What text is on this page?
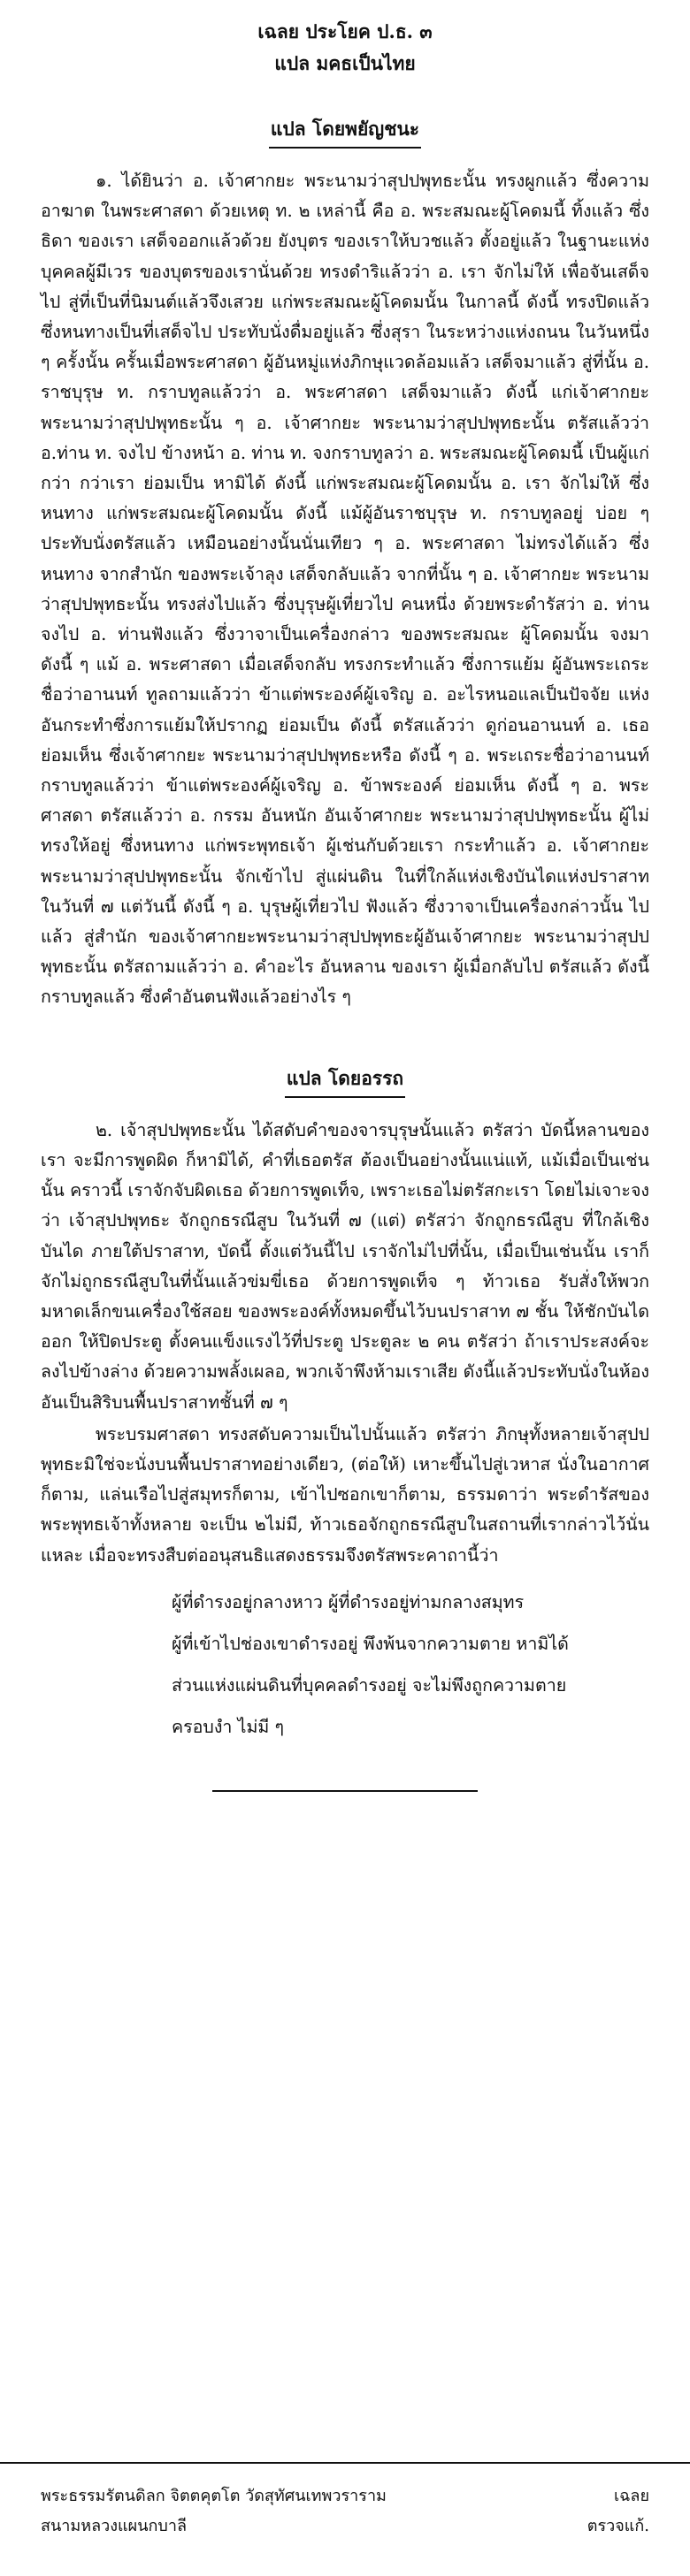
เฉลย ประโยค ป.ธ. ๓
แปล มคธเป็นไทย
แปล โดยพยัญชนะ

๑. ได้ยินว่า อ. เจ้าศากยะ พระนามว่าสุปปพุทธะนั้น ทรงผูกแล้ว ซึ่งความอาฆาต ในพระศาสดา ด้วยเหตุ ท. ๒ เหล่านี้ คือ อ. พระสมณะผู้โคดมนี้ ทิ้งแล้ว ซึ่งธิดา ของเรา เสด็จออกแล้วด้วย ยังบุตร ของเราให้บวชแล้ว ตั้งอยู่แล้ว ในฐานะแห่งบุคคลผู้มีเวร ของบุตรของเรานั่นด้วย ทรงดำริแล้วว่า อ. เรา จักไม่ให้ เพื่อจันเสด็จไป สู่ที่เป็นที่นิมนต์แล้วจึงเสวย แก่พระสมณะผู้โคดมนั้น ในกาลนี้ ดังนี้ ทรงปิดแล้ว ซึ่งหนทางเป็นที่เสด็จไป ประทับนั่งดื่มอยู่แล้ว ซึ่งสุรา ในระหว่างแห่งถนน ในวันหนึ่ง ๆ ครั้งนั้น ครั้นเมื่อพระศาสดา ผู้อันหมู่แห่งภิกษุแวดล้อมแล้ว เสด็จมาแล้ว สู่ที่นั้น อ. ราชบุรุษ ท. กราบทูลแล้วว่า อ. พระศาสดา เสด็จมาแล้ว ดังนี้ แก่เจ้าศากยะ พระนามว่าสุปปพุทธะนั้น ๆ อ. เจ้าศากยะ พระนามว่าสุปปพุทธะนั้น ตรัสแล้วว่า อ.ท่าน ท. จงไป ข้างหน้า อ. ท่าน ท. จงกราบทูลว่า อ. พระสมณะผู้โคดมนี้ เป็นผู้แก่กว่า กว่าเรา ย่อมเป็น หามิได้ ดังนี้ แก่พระสมณะผู้โคดมนั้น อ. เรา จักไม่ให้ ซึ่งหนทาง แก่พระสมณะผู้โคดมนั้น ดังนี้ แม้ผู้อันราชบุรุษ ท. กราบทูลอยู่ บ่อย ๆ ประทับนั่งตรัสแล้ว เหมือนอย่างนั้นนั่นเทียว ๆ อ. พระศาสดา ไม่ทรงได้แล้ว ซึ่งหนทาง จากสำนัก ของพระเจ้าลุง เสด็จกลับแล้ว จากที่นั้น ๆ อ. เจ้าศากยะ พระนามว่าสุปปพุทธะนั้น ทรงส่งไปแล้ว ซึ่งบุรุษผู้เที่ยวไป คนหนึ่ง ด้วยพระดำรัสว่า อ. ท่าน จงไป อ. ท่านฟังแล้ว ซึ่งวาจาเป็นเครื่องกล่าว ของพระสมณะ ผู้โคดมนั้น จงมา ดังนี้ ๆ แม้ อ. พระศาสดา เมื่อเสด็จกลับ ทรงกระทำแล้ว ซึ่งการแย้ม ผู้อันพระเถระชื่อว่าอานนท์ ทูลถามแล้วว่า ข้าแต่พระองค์ผู้เจริญ อ. อะไรหนอแลเป็นปัจจัย แห่งอันกระทำซึ่งการแย้มให้ปรากฏ ย่อมเป็น ดังนี้ ตรัสแล้วว่า ดูก่อนอานนท์ อ. เธอ ย่อมเห็น ซึ่งเจ้าศากยะ พระนามว่าสุปปพุทธะหรือ ดังนี้ ๆ อ. พระเถระชื่อว่าอานนท์ กราบทูลแล้วว่า ข้าแต่พระองค์ผู้เจริญ อ. ข้าพระองค์ ย่อมเห็น ดังนี้ ๆ อ. พระศาสดา ตรัสแล้วว่า อ. กรรม อันหนัก อันเจ้าศากยะ พระนามว่าสุปปพุทธะนั้น ผู้ไม่ทรงให้อยู่ ซึ่งหนทาง แก่พระพุทธเจ้า ผู้เช่นกับด้วยเรา กระทำแล้ว อ. เจ้าศากยะ พระนามว่าสุปปพุทธะนั้น จักเข้าไป สู่แผ่นดิน ในที่ใกล้แห่งเชิงบันไดแห่งปราสาท ในวันที่ ๗ แต่วันนี้ ดังนี้ ๆ อ. บุรุษผู้เที่ยวไป ฟังแล้ว ซึ่งวาจาเป็นเครื่องกล่าวนั้น ไปแล้ว สู่สำนัก ของเจ้าศากยะพระนามว่าสุปปพุทธะผู้อันเจ้าศากยะ พระนามว่าสุปปพุทธะนั้น ตรัสถามแล้วว่า อ. คำอะไร อันหลาน ของเรา ผู้เมื่อกลับไป ตรัสแล้ว ดังนี้ กราบทูลแล้ว ซึ่งคำอันตนฟังแล้วอย่างไร ๆ

แปล โดยอรรถ

๒. เจ้าสุปปพุทธะนั้น ได้สดับคำของจารบุรุษนั้นแล้ว ตรัสว่า บัดนี้หลานของเรา จะมีการพูดผิด ก็หามิได้, คำที่เธอตรัส ต้องเป็นอย่างนั้นแน่แท้, แม้เมื่อเป็นเช่นนั้น คราวนี้ เราจักจับผิดเธอ ด้วยการพูดเท็จ, เพราะเธอไม่ตรัสกะเรา โดยไม่เจาะจงว่า เจ้าสุปปพุทธะ จักถูกธรณีสูบ ในวันที่ ๗ (แต่) ตรัสว่า จักถูกธรณีสูบ ที่ใกล้เชิงบันได ภายใต้ปราสาท, บัดนี้ ตั้งแต่วันนี้ไป เราจักไม่ไปที่นั้น, เมื่อเป็นเช่นนั้น เราก็จักไม่ถูกธรณีสูบในที่นั้นแล้วข่มขี่เธอ ด้วยการพูดเท็จ ๆ ท้าวเธอ รับสั่งให้พวกมหาดเล็กขนเครื่องใช้สอย ของพระองค์ทั้งหมดขึ้นไว้บนปราสาท ๗ ชั้น ให้ชักบันไดออก ให้ปิดประตู ตั้งคนแข็งแรงไว้ที่ประตู ประตูละ ๒ คน ตรัสว่า ถ้าเราประสงค์จะลงไปข้างล่าง ด้วยความพลั้งเผลอ, พวกเจ้าพึงห้ามเราเสีย ดังนี้แล้วประทับนั่งในห้องอันเป็นสิริบนพื้นปราสาทชั้นที่ ๗ ๆ

พระบรมศาสดา ทรงสดับความเป็นไปนั้นแล้ว ตรัสว่า ภิกษุทั้งหลายเจ้าสุปปพุทธะมิใช่จะนั่งบนพื้นปราสาทอย่างเดียว, (ต่อให้) เหาะขึ้นไปสู่เวหาส นั่งในอากาศก็ตาม, แล่นเรือไปสู่สมุทรก็ตาม, เข้าไปซอกเขาก็ตาม, ธรรมดาว่า พระดำรัสของพระพุทธเจ้าทั้งหลาย จะเป็น ๒ไม่มี, ท้าวเธอจักถูกธรณีสูบในสถานที่เรากล่าวไว้นั่นแหละ เมื่อจะทรงสืบต่ออนุสนธิแสดงธรรมจึงตรัสพระคาถานี้ว่า

ผู้ที่ดำรงอยู่กลางหาว ผู้ที่ดำรงอยู่ท่ามกลางสมุทร
ผู้ที่เข้าไปช่องเขาดำรงอยู่ พึงพ้นจากความตาย หามิได้
ส่วนแห่งแผ่นดินที่บุคคลดำรงอยู่ จะไม่พึงถูกความตาย
ครอบงำ ไม่มี ๆ
พระธรรมรัตนดิลก จิตตคุตโต วัดสุทัศนเทพวราราม	เฉลย
สนามหลวงแผนกบาลี	ตรวจแก้.
